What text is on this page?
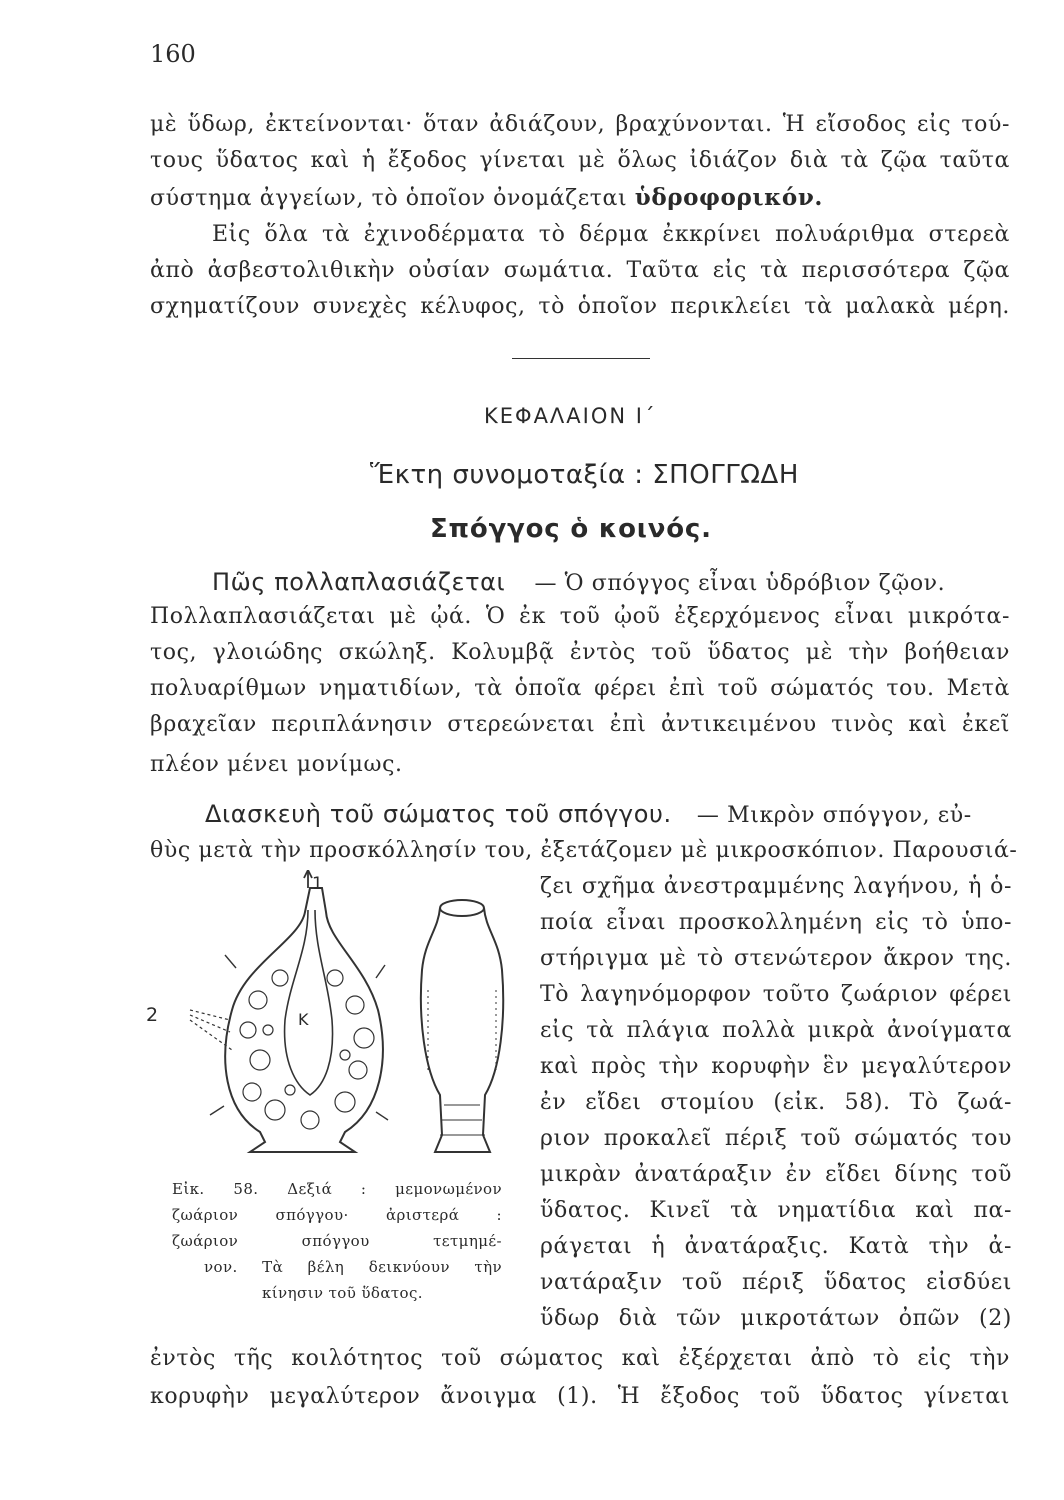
160
μὲ ὕδωρ, ἐκτείνονται· ὅταν ἀδιάζουν, βραχύνονται. Ἡ εἴσοδος εἰς τού-
τους ὕδατος καὶ ἡ ἔξοδος γίνεται μὲ ὅλως ἰδιάζον διὰ τὰ ζῷα ταῦτα
σύστημα ἀγγείων, τὸ ὁποῖον ὀνομάζεται ὑδροφορικόν.
Εἰς ὅλα τὰ ἐχινοδέρματα τὸ δέρμα ἐκκρίνει πολυάριθμα στερεὰ
ἀπὸ ἀσβεστολιθικὴν οὐσίαν σωμάτια. Ταῦτα εἰς τὰ περισσότερα ζῷα
σχηματίζουν συνεχὲς κέλυφος, τὸ ὁποῖον περικλείει τὰ μαλακὰ μέρη.
ΚΕΦΑΛΑΙΟΝ Ι΄
Ἕκτη συνομοταξία : ΣΠΟΓΓΩΔΗ
Σπόγγος ὁ κοινός.
Πῶς πολλαπλασιάζεται — Ὁ σπόγγος εἶναι ὑδρόβιον ζῷον.
Πολλαπλασιάζεται μὲ ᾠά. Ὁ ἐκ τοῦ ᾠοῦ ἐξερχόμενος εἶναι μικρότα-
τος, γλοιώδης σκώληξ. Κολυμβᾷ ἐντὸς τοῦ ὕδατος μὲ τὴν βοήθειαν
πολυαρίθμων νηματιδίων, τὰ ὁποῖα φέρει ἐπὶ τοῦ σώματός του. Μετὰ
βραχεῖαν περιπλάνησιν στερεώνεται ἐπὶ ἀντικειμένου τινὸς καὶ ἐκεῖ
πλέον μένει μονίμως.
Διασκευὴ τοῦ σώματος τοῦ σπόγγου. — Μικρὸν σπόγγον, εὐ-
θὺς μετὰ τὴν προσκόλλησίν του, ἐξετάζομεν μὲ μικροσκόπιον. Παρουσιά-
ζει σχῆμα ἀνεστραμμένης λαγήνου, ἡ ὁ-
ποία εἶναι προσκολλημένη εἰς τὸ ὑπο-
στήριγμα μὲ τὸ στενώτερον ἄκρον της.
Τὸ λαγηνόμορφον τοῦτο ζωάριον φέρει
εἰς τὰ πλάγια πολλὰ μικρὰ ἀνοίγματα
καὶ πρὸς τὴν κορυφὴν ἓν μεγαλύτερον
ἐν εἴδει στομίου (εἰκ. 58). Τὸ ζωά-
ριον προκαλεῖ πέριξ τοῦ σώματός του
μικρὰν ἀνατάραξιν ἐν εἴδει δίνης τοῦ
ὕδατος. Κινεῖ τὰ νηματίδια καὶ πα-
ράγεται ἡ ἀνατάραξις. Κατὰ τὴν ἀ-
νατάραξιν τοῦ πέριξ ὕδατος εἰσδύει
ὕδωρ διὰ τῶν μικροτάτων ὀπῶν (2)
ἐντὸς τῆς κοιλότητος τοῦ σώματος καὶ ἐξέρχεται ἀπὸ τὸ εἰς τὴν
κορυφὴν μεγαλύτερον ἄνοιγμα (1). Ἡ ἔξοδος τοῦ ὕδατος γίνεται
1
2	K
Εἰκ. 58. Δεξιά : μεμονωμένον
ζωάριον σπόγγου· ἀριστερά :
ζωάριον σπόγγου τετμημέ-
νον. Τὰ βέλη δεικνύουν τὴν
κίνησιν τοῦ ὕδατος.
